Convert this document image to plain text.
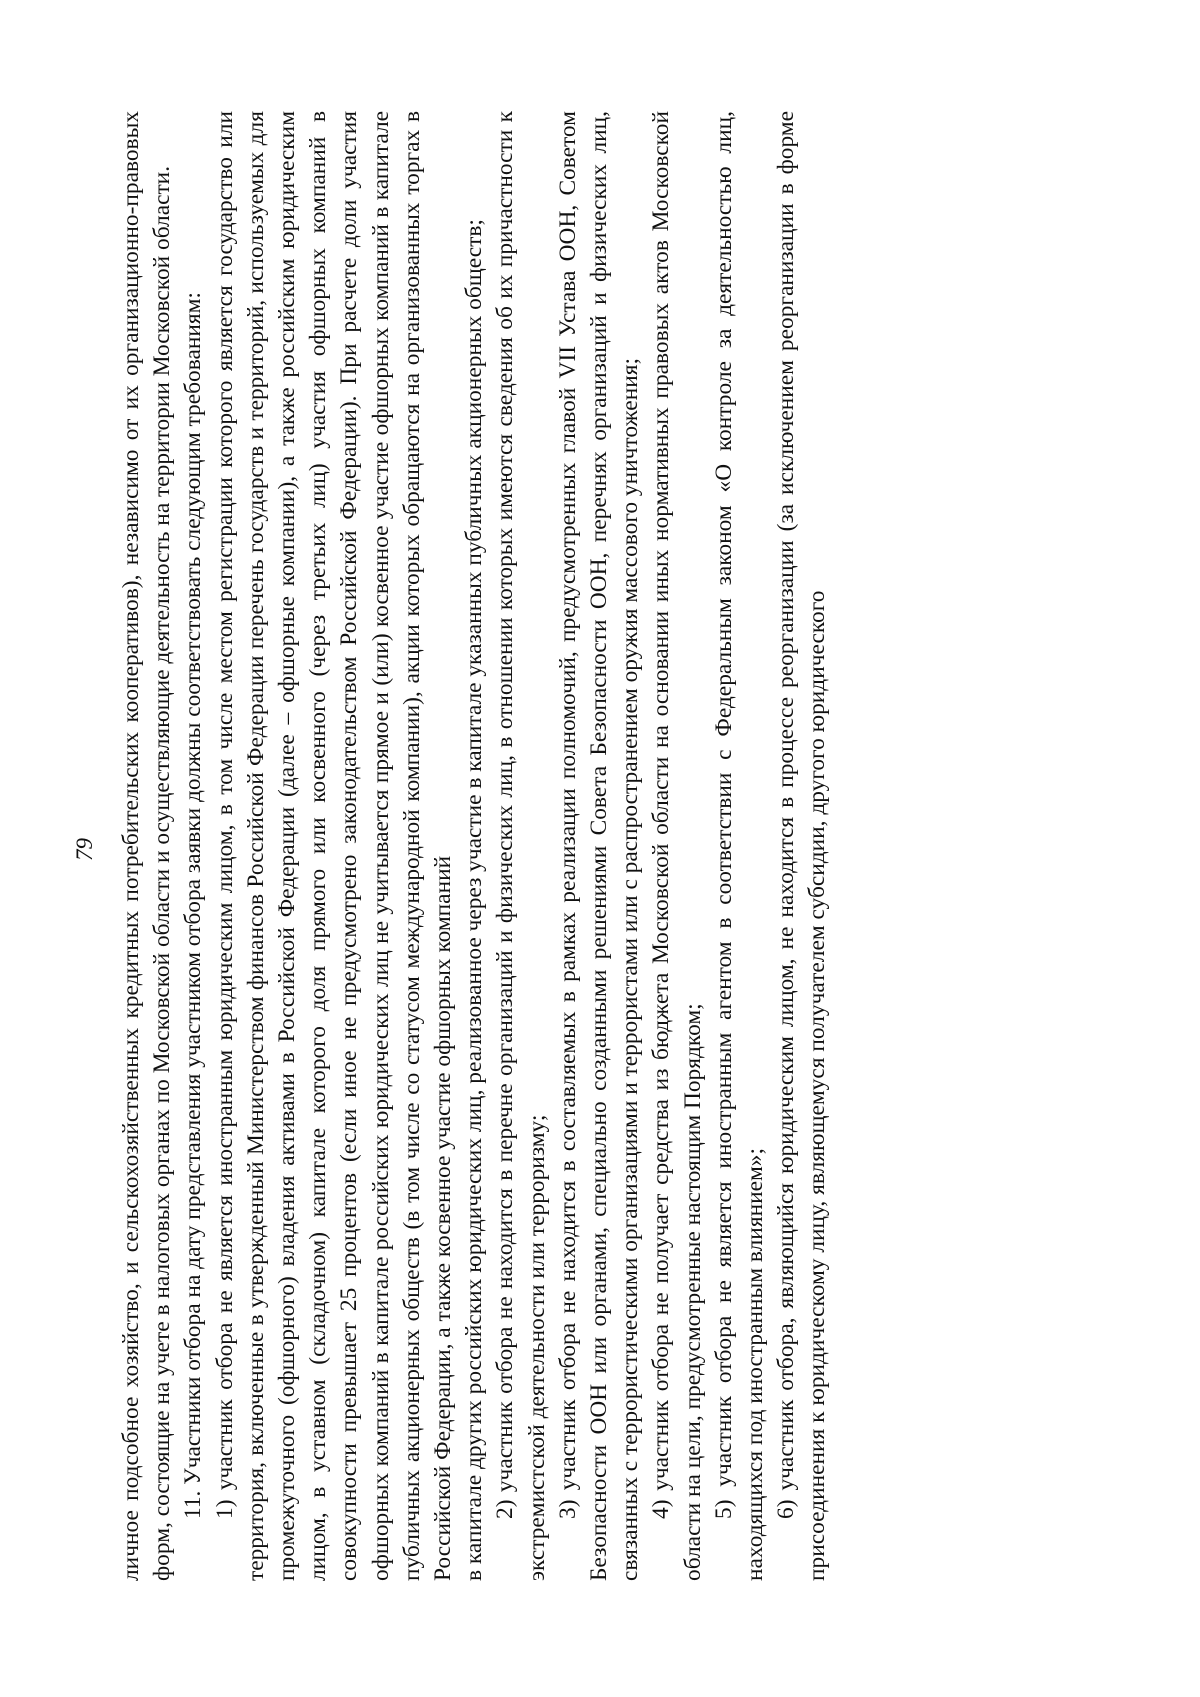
79 личное подсобное хозяйство, и сельскохозяйственных кредитных потребительских кооперативов), независимо от их организационно-правовых форм, состоящие на учете в налоговых органах по Московской области и осуществляющие деятельность на территории Московской области. 11. Участники отбора на дату представления участником отбора заявки должны соответствовать следующим требованиям: 1) участник отбора не является иностранным юридическим лицом, в том числе местом регистрации которого является государство или территория, включенные в утвержденный Министерством финансов Российской Федерации перечень государств и территорий, используемых для промежуточного (офшорного) владения активами в Российской Федерации (далее – офшорные компании), а также российским юридическим лицом, в уставном (складочном) капитале которого доля прямого или косвенного (через третьих лиц) участия офшорных компаний в совокупности превышает 25 процентов (если иное не предусмотрено законодательством Российской Федерации). При расчете доли участия офшорных компаний в капитале российских юридических лиц не учитывается прямое и (или) косвенное участие офшорных компаний в капитале публичных акционерных обществ (в том числе со статусом международной компании), акции которых обращаются на организованных торгах в Российской Федерации, а также косвенное участие офшорных компаний в капитале других российских юридических лиц, реализованное через участие в капитале указанных публичных акционерных обществ; 2) участник отбора не находится в перечне организаций и физических лиц, в отношении которых имеются сведения об их причастности к экстремистской деятельности или терроризму; 3) участник отбора не находится в составляемых в рамках реализации полномочий, предусмотренных главой VII Устава ООН, Советом Безопасности ООН или органами, специально созданными решениями Совета Безопасности ООН, перечнях организаций и физических лиц, связанных с террористическими организациями и террористами или с распространением оружия массового уничтожения; 4) участник отбора не получает средства из бюджета Московской области на основании иных нормативных правовых актов Московской области на цели, предусмотренные настоящим Порядком; 5) участник отбора не является иностранным агентом в соответствии с Федеральным законом «О контроле за деятельностью лиц, находящихся под иностранным влиянием»; 6) участник отбора, являющийся юридическим лицом, не находится в процессе реорганизации (за исключением реорганизации в форме присоединения к юридическому лицу, являющемуся получателем субсидии, другого юридического
